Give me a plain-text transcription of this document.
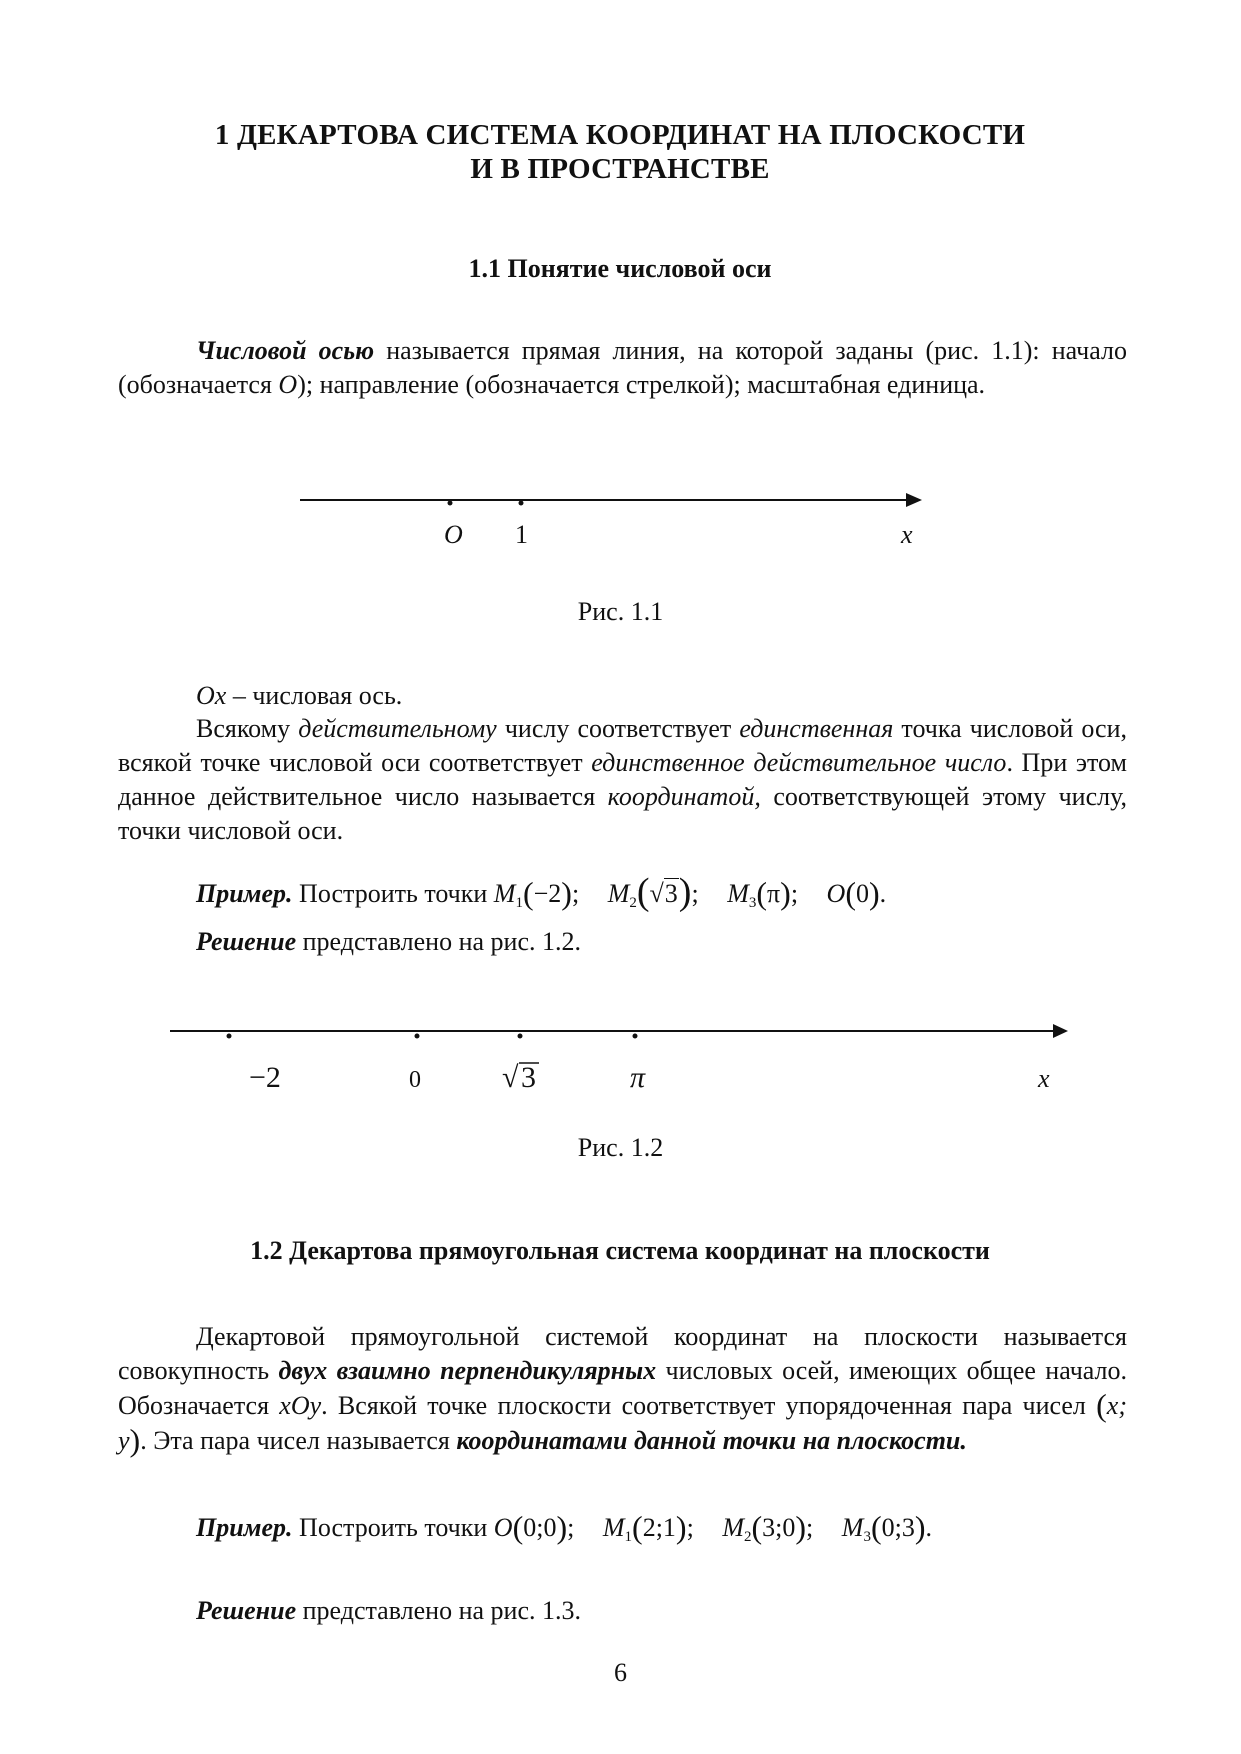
1 ДЕКАРТОВА СИСТЕМА КООРДИНАТ НА ПЛОСКОСТИ
И В ПРОСТРАНСТВЕ
1.1 Понятие числовой оси
Числовой осью называется прямая линия, на которой заданы (рис. 1.1): начало (обозначается O); направление (обозначается стрелкой); масштабная единица.
O 1	x
Рис. 1.1
Ox – числовая ось.
Всякому действительному числу соответствует единственная точка числовой оси, всякой точке числовой оси соответствует единственное действительное число. При этом данное действительное число называется координатой, соответствующей этому числу, точки числовой оси.
Пример. Построить точки $M_1(-2)$; $M_2(√3)$; $M_3(\pi)$; O(0).
Решение представлено на рис. 1.2.
−2	0	√ 3	π	x
Рис. 1.2
1.2 Декартова прямоугольная система координат на плоскости
Декартовой прямоугольной системой координат на плоскости называется совокупность двух взаимно перпендикулярных числовых осей, имеющих общее начало. Обозначается xOy. Всякой точке плоскости соответствует упорядоченная пара чисел (x; y). Эта пара чисел называется координатами данной точки на плоскости.
Пример. Построить точки O(0;0); $M_1(2;1)$; $M_2(3;0)$; $M_3(0;3)$.
Решение представлено на рис. 1.3.
6
